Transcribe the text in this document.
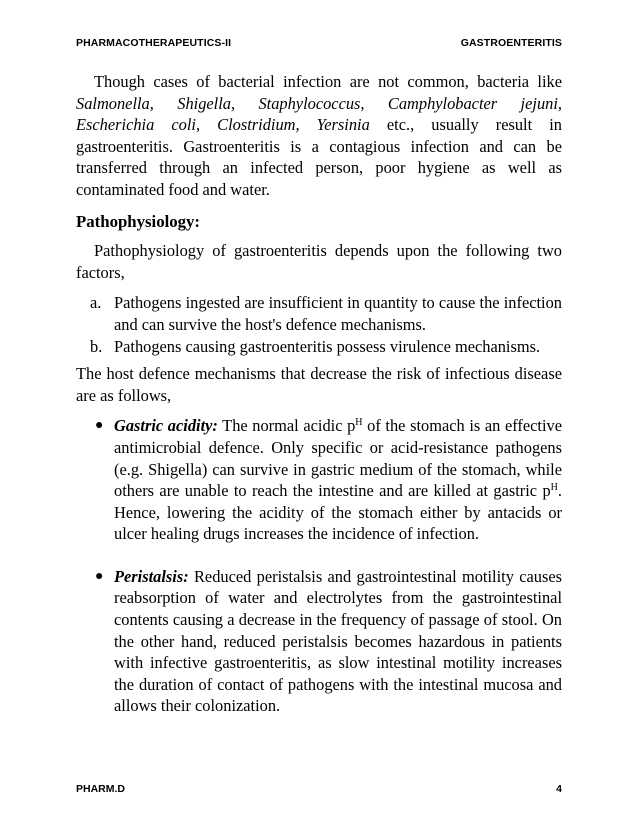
PHARMACOTHERAPEUTICS-II	GASTROENTERITIS

Though cases of bacterial infection are not common, bacteria like Salmonella, Shigella, Staphylococcus, Camphylobacter jejuni, Escherichia coli, Clostridium, Yersinia etc., usually result in gastroenteritis. Gastroenteritis is a contagious infection and can be transferred through an infected person, poor hygiene as well as contaminated food and water.

Pathophysiology:

Pathophysiology of gastroenteritis depends upon the following two factors,

a. Pathogens ingested are insufficient in quantity to cause the infection and can survive the host's defence mechanisms.
b. Pathogens causing gastroenteritis possess virulence mechanisms.

The host defence mechanisms that decrease the risk of infectious disease are as follows,

● Gastric acidity: The normal acidic $p^H$ of the stomach is an effective antimicrobial defence. Only specific or acid-resistance pathogens (e.g. Shigella) can survive in gastric medium of the stomach, while others are unable to reach the intestine and are killed at gastric $p^H$. Hence, lowering the acidity of the stomach either by antacids or ulcer healing drugs increases the incidence of infection.
● Peristalsis: Reduced peristalsis and gastrointestinal motility causes reabsorption of water and electrolytes from the gastrointestinal contents causing a decrease in the frequency of passage of stool. On the other hand, reduced peristalsis becomes hazardous in patients with infective gastroenteritis, as slow intestinal motility increases the duration of contact of pathogens with the intestinal mucosa and allows their colonization.
PHARM.D	4
